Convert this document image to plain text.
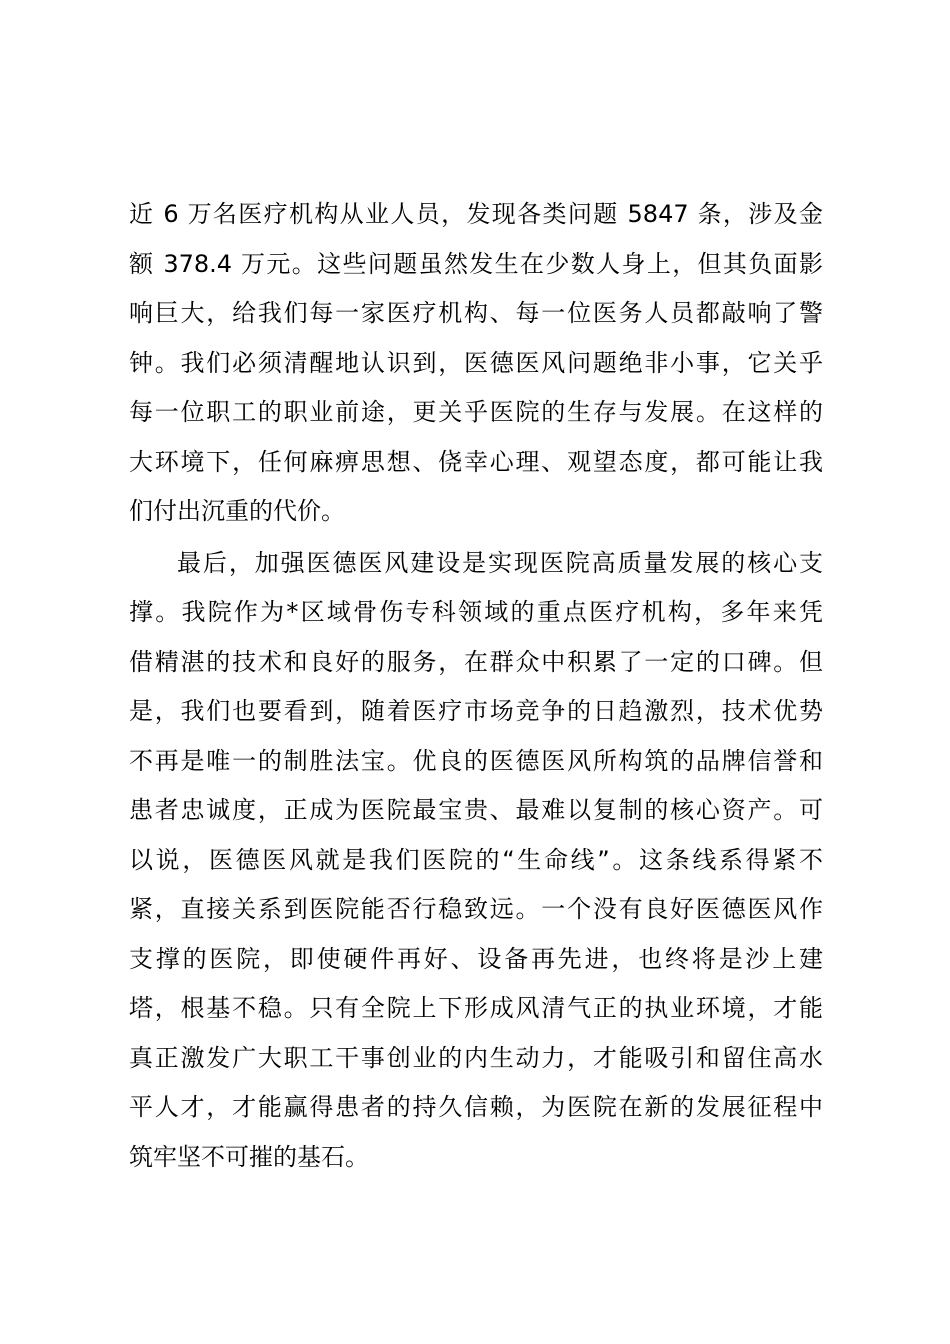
近 6 万名医疗机构从业人员，发现各类问题 5847 条，涉及金
额 378.4 万元。这些问题虽然发生在少数人身上，但其负面影
响巨大，给我们每一家医疗机构、每一位医务人员都敲响了警
钟。我们必须清醒地认识到，医德医风问题绝非小事，它关乎
每一位职工的职业前途，更关乎医院的生存与发展。在这样的
大环境下，任何麻痹思想、侥幸心理、观望态度，都可能让我
们付出沉重的代价。

最后，加强医德医风建设是实现医院高质量发展的核心支
撑。我院作为*区域骨伤专科领域的重点医疗机构，多年来凭
借精湛的技术和良好的服务，在群众中积累了一定的口碑。但
是，我们也要看到，随着医疗市场竞争的日趋激烈，技术优势
不再是唯一的制胜法宝。优良的医德医风所构筑的品牌信誉和
患者忠诚度，正成为医院最宝贵、最难以复制的核心资产。可
以说，医德医风就是我们医院的“生命线”。这条线系得紧不
紧，直接关系到医院能否行稳致远。一个没有良好医德医风作
支撑的医院，即使硬件再好、设备再先进，也终将是沙上建
塔，根基不稳。只有全院上下形成风清气正的执业环境，才能
真正激发广大职工干事创业的内生动力，才能吸引和留住高水
平人才，才能赢得患者的持久信赖，为医院在新的发展征程中
筑牢坚不可摧的基石。
